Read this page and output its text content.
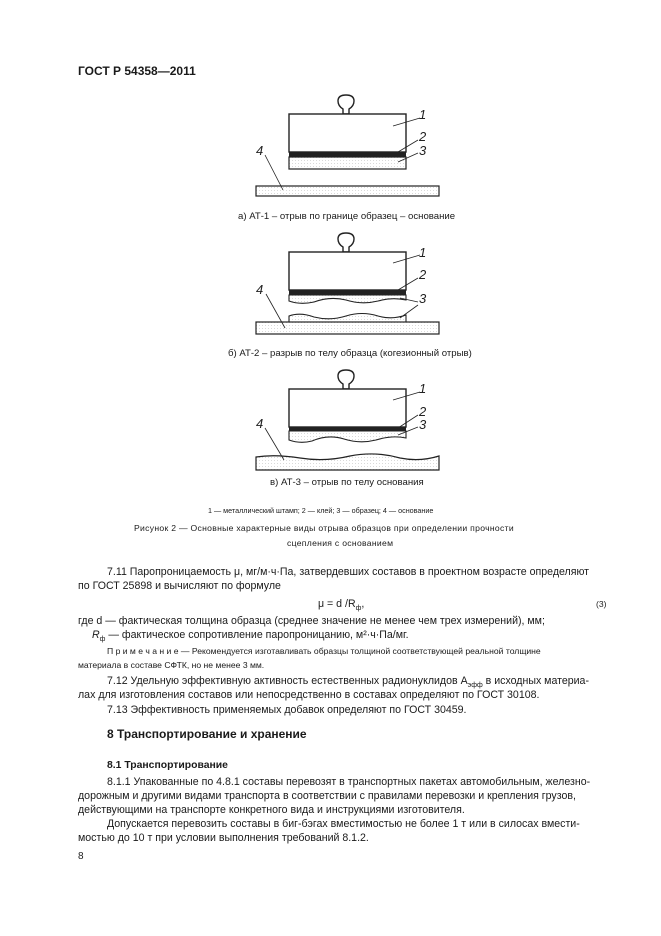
ГОСТ Р 54358—2011
1
2
3
4
1
2
3
4
1
2
3
4
а) АТ-1 – отрыв по границе образец – основание
б) АТ-2 – разрыв по телу образца (когезионный отрыв)
в) АТ-3 – отрыв по телу основания
1 — металлический штамп; 2 — клей; 3 — образец; 4 — основание
Рисунок 2 — Основные характерные виды отрыва образцов при определении прочности
сцепления с основанием
7.11 Паропроницаемость μ, мг/м·ч·Па, затвердевших составов в проектном возрасте определяют
по ГОСТ 25898 и вычисляют по формуле
μ = d $/R_ф$,	(3)
где d — фактическая толщина образца (среднее значение не менее чем трех измерений), мм;
$R_ф$ — фактическое сопротивление паропроницанию, м²·ч·Па/мг.
П р и м е ч а н и е — Рекомендуется изготавливать образцы толщиной соответствующей реальной толщине
материала в составе СФТК, но не менее 3 мм.
7.12 Удельную эффективную активность естественных радионуклидов $А_{эфф}$ в исходных материа-
лах для изготовления составов или непосредственно в составах определяют по ГОСТ 30108.
7.13 Эффективность применяемых добавок определяют по ГОСТ 30459.
8 Транспортирование и хранение
8.1 Транспортирование
8.1.1 Упакованные по 4.8.1 составы перевозят в транспортных пакетах автомобильным, железно-
дорожным и другими видами транспорта в соответствии с правилами перевозки и крепления грузов,
действующими на транспорте конкретного вида и инструкциями изготовителя.
Допускается перевозить составы в биг-бэгах вместимостью не более 1 т или в силосах вмести-
мостью до 10 т при условии выполнения требований 8.1.2.
8
